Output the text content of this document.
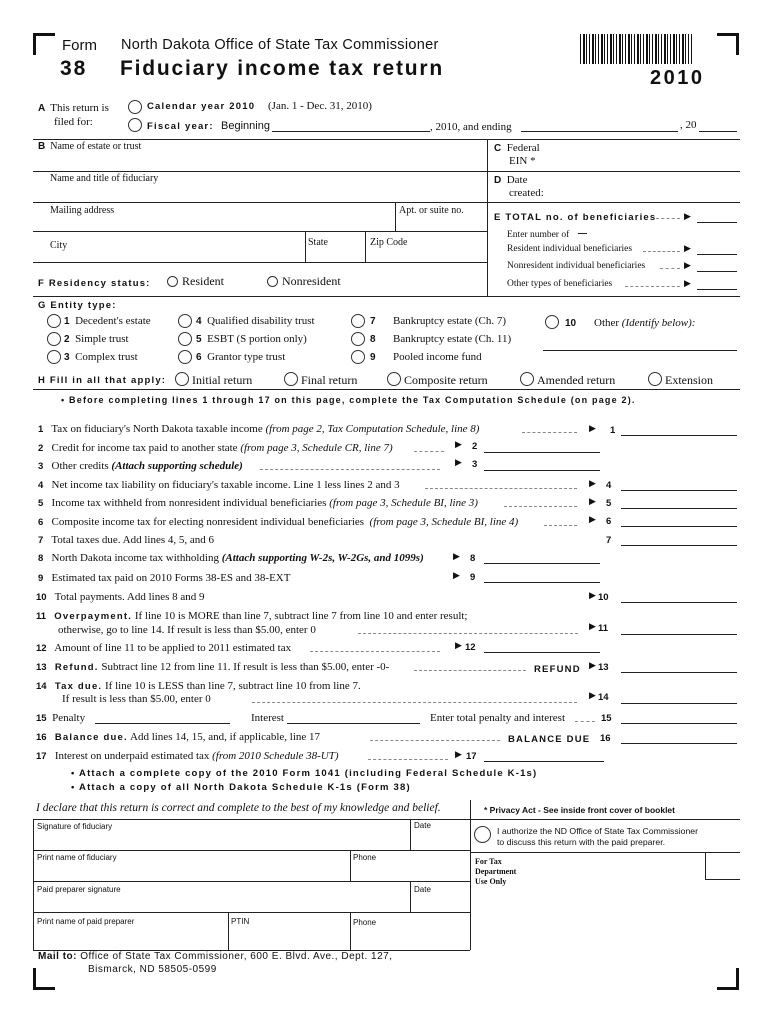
Form North Dakota Office of State Tax Commissioner
38 Fiduciary income tax return	2010
A This return is
filed for:
Calendar year 2010 (Jan. 1 - Dec. 31, 2010)
Fiscal year: Beginning	, 2010, and ending	, 20
B Name of estate or trust
Name and title of fiduciary
Mailing address	Apt. or suite no.
City	State	Zip Code
C Federal
EIN *
D Date
created:
E TOTAL no. of beneficiaries	▶
Enter number of
Resident individual beneficiaries	▶
Nonresident individual beneficiaries	▶
Other types of beneficiaries	▶
F Residency status:	Resident	Nonresident
G Entity type:
1 Decedent's estate
2 Simple trust
3 Complex trust
4 Qualified disability trust
5 ESBT (S portion only)
6 Grantor type trust
7 Bankruptcy estate (Ch. 7)
8 Bankruptcy estate (Ch. 11)
9 Pooled income fund
10 Other (Identify below):
H Fill in all that apply: Initial return	Final return	Composite return	Amended return	Extension
• Before completing lines 1 through 17 on this page, complete the Tax Computation Schedule (on page 2).
1 Tax on fiduciary's North Dakota taxable income (from page 2, Tax Computation Schedule, line 8)	▶ 1
2 Credit for income tax paid to another state (from page 3, Schedule CR, line 7)	▶ 2
3 Other credits (Attach supporting schedule)	▶ 3
4 Net income tax liability on fiduciary's taxable income. Line 1 less lines 2 and 3	▶ 4
5 Income tax withheld from nonresident individual beneficiaries (from page 3, Schedule BI, line 3)	▶ 5
6 Composite income tax for electing nonresident individual beneficiaries (from page 3, Schedule BI, line 4)	▶ 6
7 Total taxes due. Add lines 4, 5, and 6	7
8 North Dakota income tax withholding (Attach supporting W-2s, W-2Gs, and 1099s)	▶ 8
9 Estimated tax paid on 2010 Forms 38-ES and 38-EXT	▶ 9
10 Total payments. Add lines 8 and 9	▶ 10
11 Overpayment. If line 10 is MORE than line 7, subtract line 7 from line 10 and enter result;
otherwise, go to line 14. If result is less than $5.00, enter 0	▶ 11
12 Amount of line 11 to be applied to 2011 estimated tax	▶ 12
13 Refund. Subtract line 12 from line 11. If result is less than $5.00, enter -0-	REFUND ▶ 13
14 Tax due. If line 10 is LESS than line 7, subtract line 10 from line 7.
If result is less than $5.00, enter 0	▶ 14
15 Penalty	Interest	Enter total penalty and interest	15
16 Balance due. Add lines 14, 15, and, if applicable, line 17	BALANCE DUE 16
17 Interest on underpaid estimated tax (from 2010 Schedule 38-UT)	▶ 17
• Attach a complete copy of the 2010 Form 1041 (including Federal Schedule K-1s)
• Attach a copy of all North Dakota Schedule K-1s (Form 38)
I declare that this return is correct and complete to the best of my knowledge and belief.
Signature of fiduciary	Date
Print name of fiduciary	Phone
Paid preparer signature	Date
Print name of paid preparer	PTIN	Phone
* Privacy Act - See inside front cover of booklet
I authorize the ND Office of State Tax Commissioner
to discuss this return with the paid preparer.
For Tax
Department
Use Only
Mail to: Office of State Tax Commissioner, 600 E. Blvd. Ave., Dept. 127,
Bismarck, ND 58505-0599
